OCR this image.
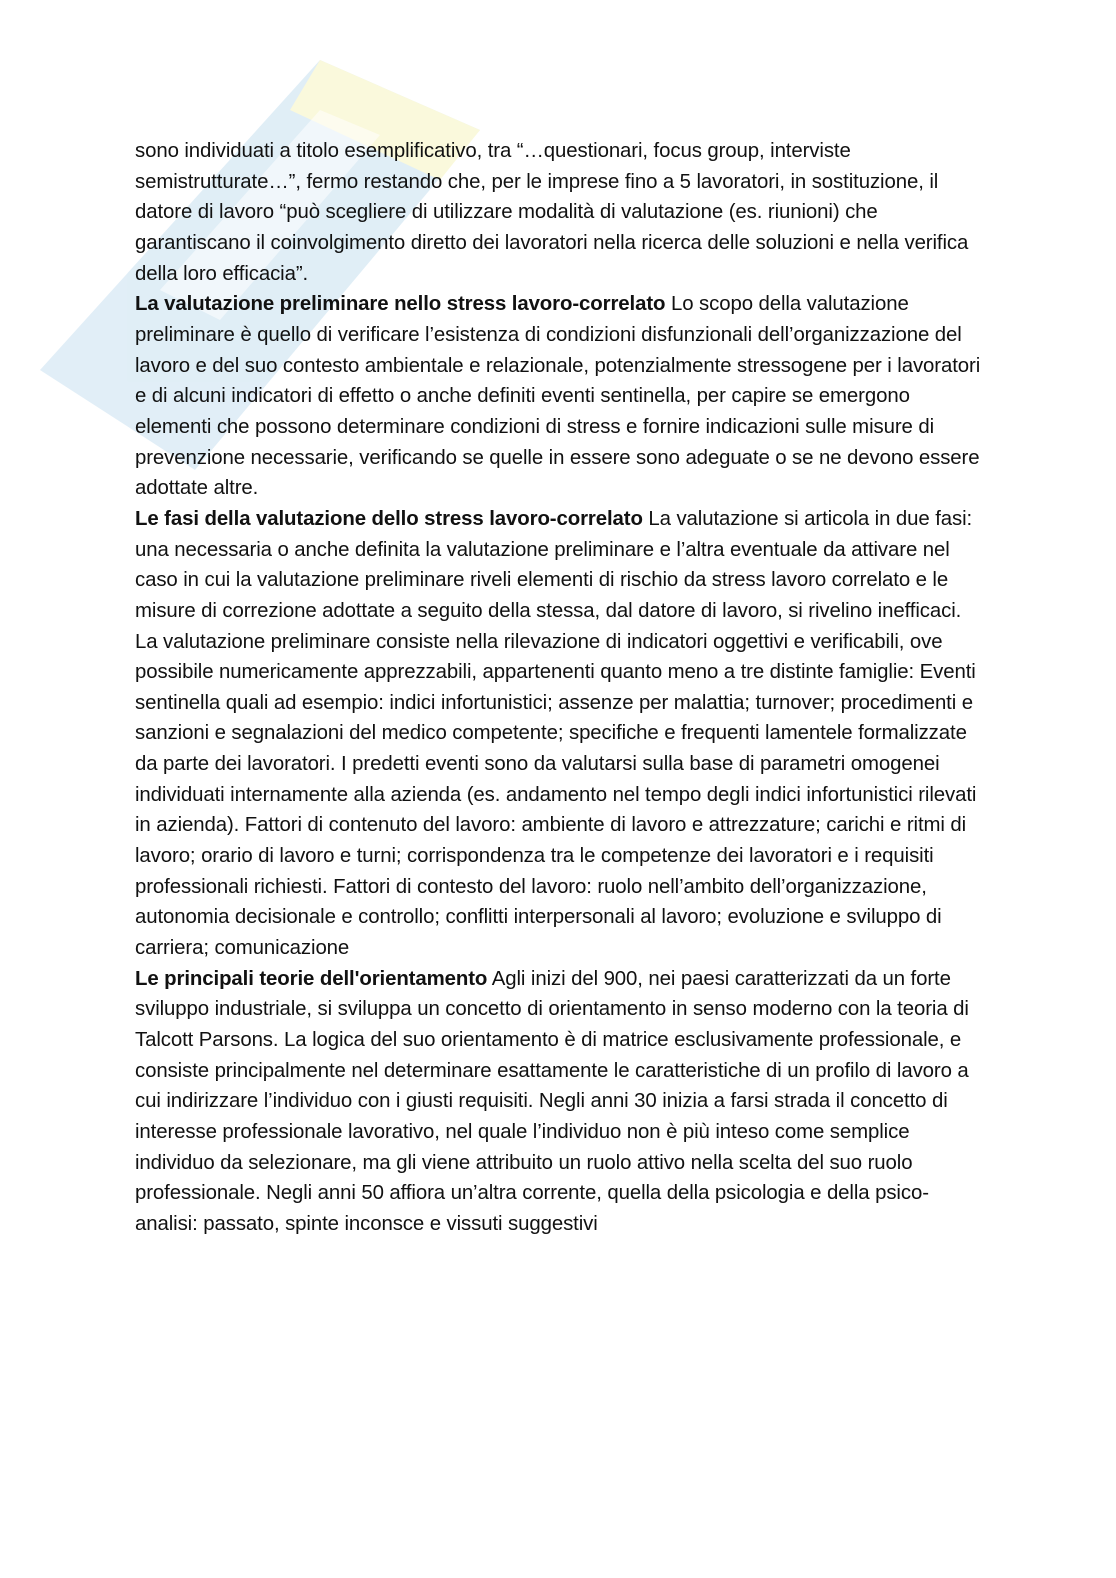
sono individuati a titolo esemplificativo, tra “…questionari, focus group, interviste semistrutturate…”, fermo restando che, per le imprese fino a 5 lavoratori, in sostituzione, il datore di lavoro “può scegliere di utilizzare modalità di valutazione (es. riunioni) che garantiscano il coinvolgimento diretto dei lavoratori nella ricerca delle soluzioni e nella verifica della loro efficacia”.

La valutazione preliminare nello stress lavoro-correlato Lo scopo della valutazione preliminare è quello di verificare l’esistenza di condizioni disfunzionali dell’organizzazione del lavoro e del suo contesto ambientale e relazionale, potenzialmente stressogene per i lavoratori e di alcuni indicatori di effetto o anche definiti eventi sentinella, per capire se emergono elementi che possono determinare condizioni di stress e fornire indicazioni sulle misure di prevenzione necessarie, verificando se quelle in essere sono adeguate o se ne devono essere adottate altre.

Le fasi della valutazione dello stress lavoro-correlato La valutazione si articola in due fasi: una necessaria o anche definita la valutazione preliminare e l’altra eventuale da attivare nel caso in cui la valutazione preliminare riveli elementi di rischio da stress lavoro correlato e le misure di correzione adottate a seguito della stessa, dal datore di lavoro, si rivelino inefficaci. La valutazione preliminare consiste nella rilevazione di indicatori oggettivi e verificabili, ove possibile numericamente apprezzabili, appartenenti quanto meno a tre distinte famiglie: Eventi sentinella quali ad esempio: indici infortunistici; assenze per malattia; turnover; procedimenti e sanzioni e segnalazioni del medico competente; specifiche e frequenti lamentele formalizzate da parte dei lavoratori. I predetti eventi sono da valutarsi sulla base di parametri omogenei individuati internamente alla azienda (es. andamento nel tempo degli indici infortunistici rilevati in azienda). Fattori di contenuto del lavoro: ambiente di lavoro e attrezzature; carichi e ritmi di lavoro; orario di lavoro e turni; corrispondenza tra le competenze dei lavoratori e i requisiti professionali richiesti. Fattori di contesto del lavoro: ruolo nell’ambito dell’organizzazione, autonomia decisionale e controllo; conflitti interpersonali al lavoro; evoluzione e sviluppo di carriera; comunicazione

Le principali teorie dell'orientamento Agli inizi del 900, nei paesi caratterizzati da un forte sviluppo industriale, si sviluppa un concetto di orientamento in senso moderno con la teoria di Talcott Parsons. La logica del suo orientamento è di matrice esclusivamente professionale, e consiste principalmente nel determinare esattamente le caratteristiche di un profilo di lavoro a cui indirizzare l’individuo con i giusti requisiti. Negli anni 30 inizia a farsi strada il concetto di interesse professionale lavorativo, nel quale l’individuo non è più inteso come semplice individuo da selezionare, ma gli viene attribuito un ruolo attivo nella scelta del suo ruolo professionale. Negli anni 50 affiora un’altra corrente, quella della psicologia e della psico-analisi: passato, spinte inconsce e vissuti suggestivi
